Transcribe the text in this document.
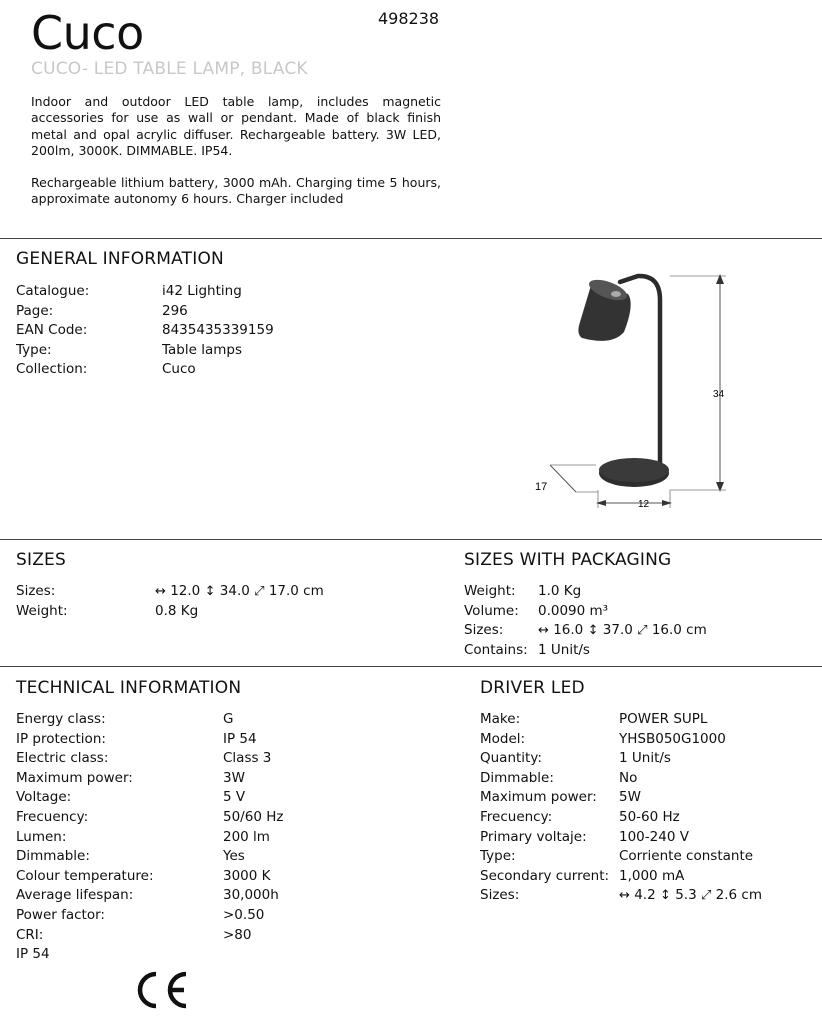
Cuco	498238
CUCO- LED TABLE LAMP, BLACK
Indoor and outdoor LED table lamp, includes magnetic accessories for use as wall or pendant. Made of black finish metal and opal acrylic diffuser. Rechargeable battery. 3W LED, 200lm, 3000K. DIMMABLE. IP54.
Rechargeable lithium battery, 3000 mAh. Charging time 5 hours, approximate autonomy 6 hours. Charger included
GENERAL INFORMATION
Catalogue:	i42 Lighting
Page:	296
EAN Code:	8435435339159
Type:	Table lamps
Collection:	Cuco
34
12
17
SIZES
Sizes:	↔ 12.0 ↕ 34.0 ⤢ 17.0 cm
Weight:	0.8 Kg
SIZES WITH PACKAGING
Weight:	1.0 Kg
Volume:	0.0090 m³
Sizes:	↔ 16.0 ↕ 37.0 ⤢ 16.0 cm
Contains: 1 Unit/s
TECHNICAL INFORMATION
Energy class:	G
IP protection:	IP 54
Electric class:	Class 3
Maximum power:	3W
Voltage:	5 V
Frecuency:	50/60 Hz
Lumen:	200 lm
Dimmable:	Yes
Colour temperature:	3000 K
Average lifespan:	30,000h
Power factor:	>0.50
CRI:	>80
IP 54
DRIVER LED
Make:	POWER SUPL
Model:	YHSB050G1000
Quantity:	1 Unit/s
Dimmable:	No
Maximum power:	5W
Frecuency:	50-60 Hz
Primary voltaje:	100-240 V
Type:	Corriente constante
Secondary current: 1,000 mA
Sizes:	↔ 4.2 ↕ 5.3 ⤢ 2.6 cm
